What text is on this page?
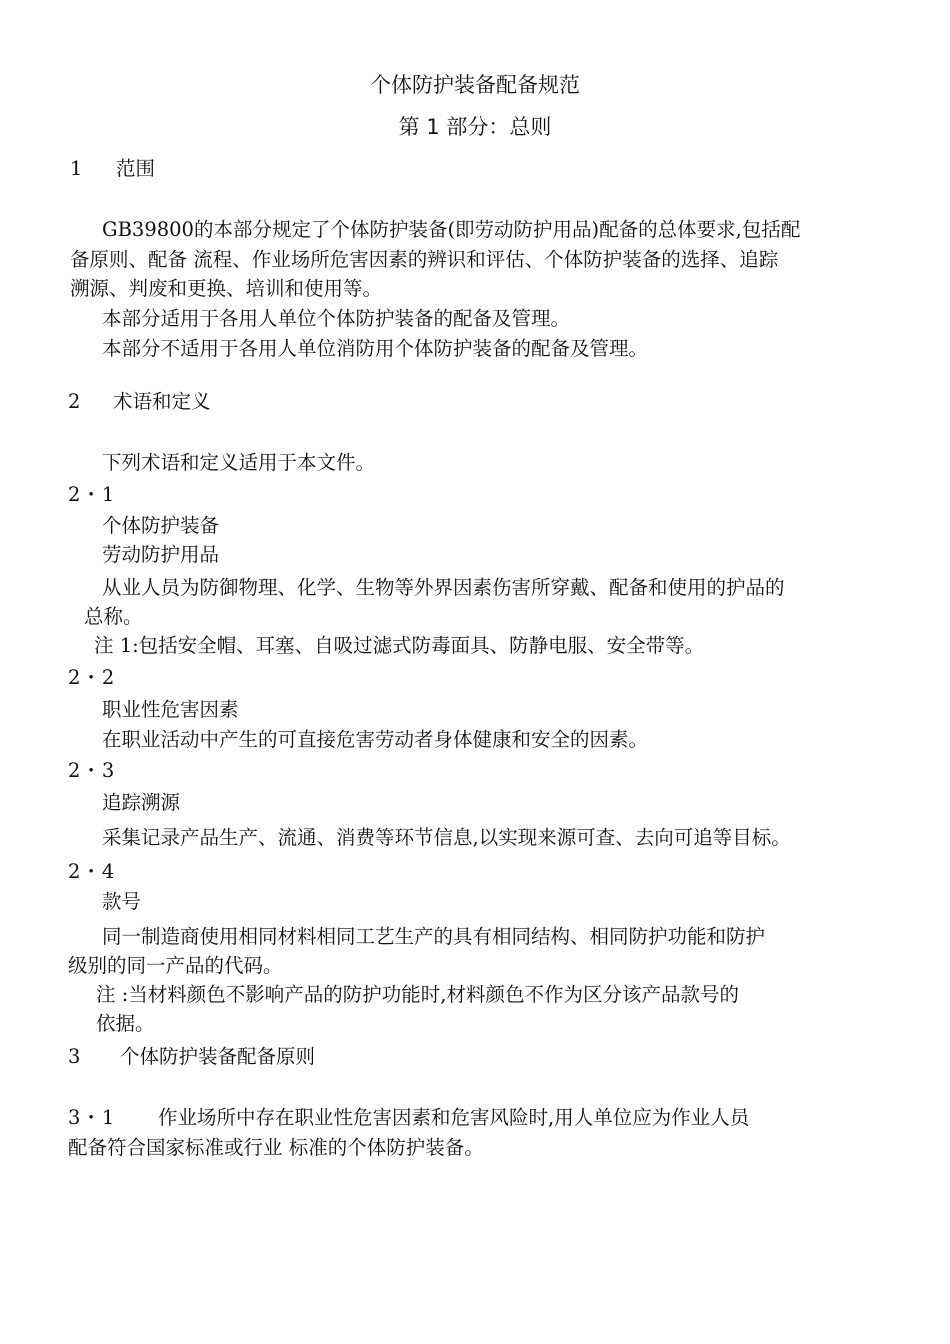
个体防护装备配备规范
第 1 部分：总则
1 范围
GB39800的本部分规定了个体防护装备(即劳动防护用品)配备的总体要求,包括配
备原则、配备 流程、作业场所危害因素的辨识和评估、个体防护装备的选择、追踪
溯源、判废和更换、培训和使用等。
本部分适用于各用人单位个体防护装备的配备及管理。
本部分不适用于各用人单位消防用个体防护装备的配备及管理。
2 术语和定义
下列术语和定义适用于本文件。
2・1
个体防护装备
劳动防护用品
从业人员为防御物理、化学、生物等外界因素伤害所穿戴、配备和使用的护品的
总称。
注 1:包括安全帽、耳塞、自吸过滤式防毒面具、防静电服、安全带等。
2・2
职业性危害因素
在职业活动中产生的可直接危害劳动者身体健康和安全的因素。
2・3
追踪溯源
采集记录产品生产、流通、消费等环节信息,以实现来源可查、去向可追等目标。
2・4
款号
同一制造商使用相同材料相同工艺生产的具有相同结构、相同防护功能和防护
级别的同一产品的代码。
注 :当材料颜色不影响产品的防护功能时,材料颜色不作为区分该产品款号的
依据。
3 个体防护装备配备原则
3・1 作业场所中存在职业性危害因素和危害风险时,用人单位应为作业人员
配备符合国家标准或行业 标准的个体防护装备。
